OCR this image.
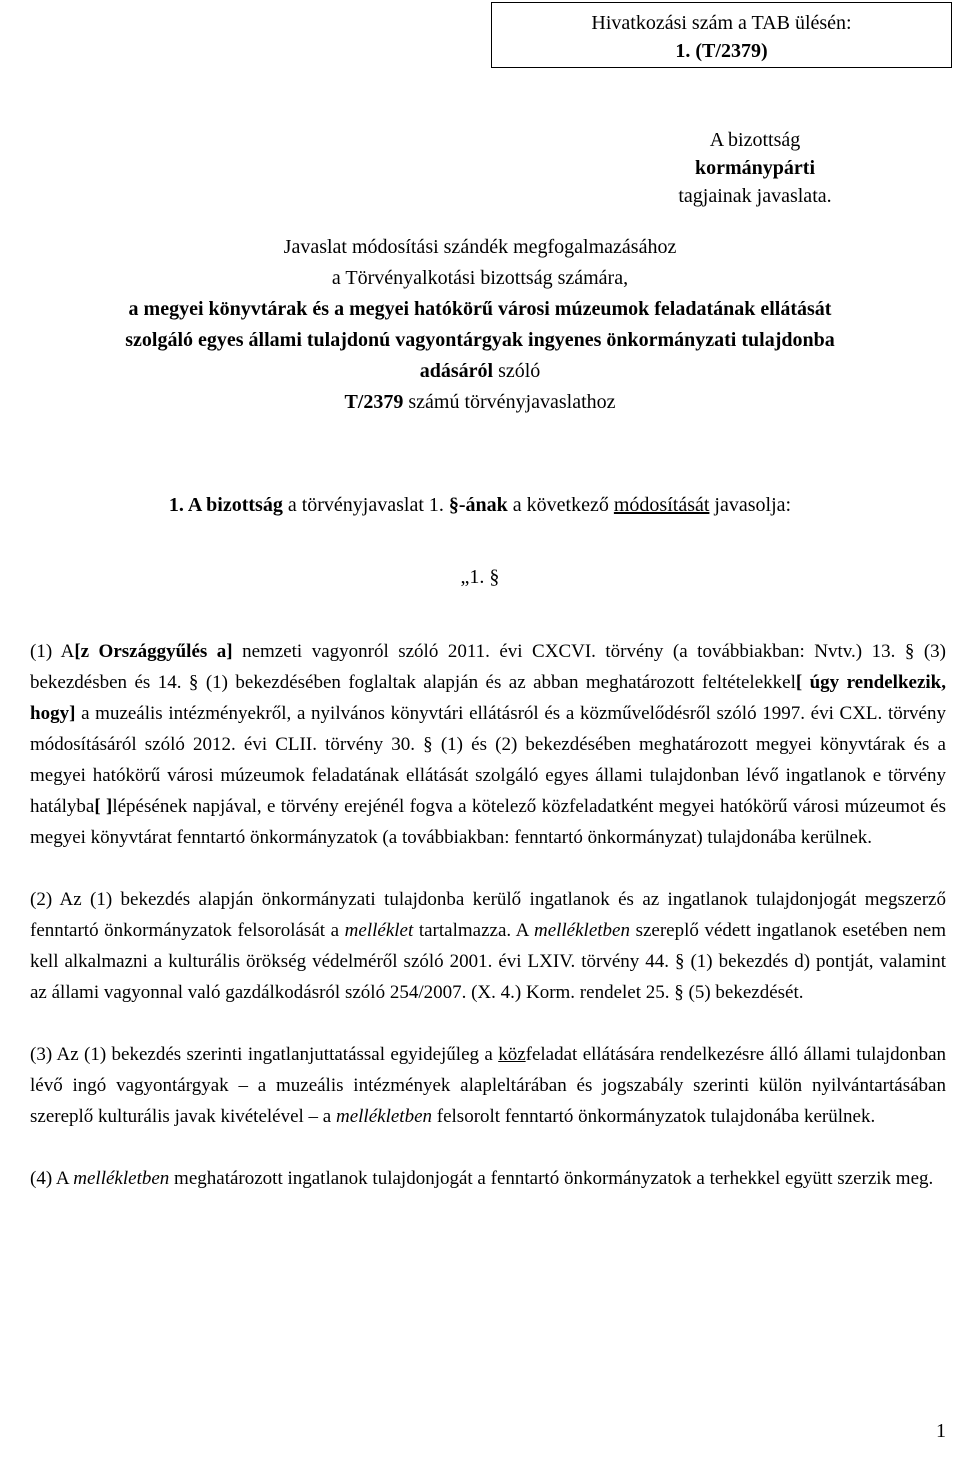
Hivatkozási szám a TAB ülésén:
1. (T/2379)
A bizottság
kormánypárti
tagjainak javaslata.
Javaslat módosítási szándék megfogalmazásához
a Törvényalkotási bizottság számára,
a megyei könyvtárak és a megyei hatókörű városi múzeumok feladatának ellátását
szolgáló egyes állami tulajdonú vagyontárgyak ingyenes önkormányzati tulajdonba
adásáról szóló
T/2379 számú törvényjavaslathoz
1. A bizottság a törvényjavaslat 1. §-ának a következő módosítását javasolja:
„1. §

(1) A[z Országgyűlés a] nemzeti vagyonról szóló 2011. évi CXCVI. törvény (a továbbiakban: Nvtv.) 13. § (3) bekezdésben és 14. § (1) bekezdésében foglaltak alapján és az abban meghatározott feltételekkel[ úgy rendelkezik, hogy] a muzeális intézményekről, a nyilvános könyvtári ellátásról és a közművelődésről szóló 1997. évi CXL. törvény módosításáról szóló 2012. évi CLII. törvény 30. § (1) és (2) bekezdésében meghatározott megyei könyvtárak és a megyei hatókörű városi múzeumok feladatának ellátását szolgáló egyes állami tulajdonban lévő ingatlanok e törvény hatályba[ ]lépésének napjával, e törvény erejénél fogva a kötelező közfeladatként megyei hatókörű városi múzeumot és megyei könyvtárat fenntartó önkormányzatok (a továbbiakban: fenntartó önkormányzat) tulajdonába kerülnek.

(2) Az (1) bekezdés alapján önkormányzati tulajdonba kerülő ingatlanok és az ingatlanok tulajdonjogát megszerző fenntartó önkormányzatok felsorolását a melléklet tartalmazza. A mellékletben szereplő védett ingatlanok esetében nem kell alkalmazni a kulturális örökség védelméről szóló 2001. évi LXIV. törvény 44. § (1) bekezdés d) pontját, valamint az állami vagyonnal való gazdálkodásról szóló 254/2007. (X. 4.) Korm. rendelet 25. § (5) bekezdését.

(3) Az (1) bekezdés szerinti ingatlanjuttatással egyidejűleg a közfeladat ellátására rendelkezésre álló állami tulajdonban lévő ingó vagyontárgyak – a muzeális intézmények alapleltárában és jogszabály szerinti külön nyilvántartásában szereplő kulturális javak kivételével – a mellékletben felsorolt fenntartó önkormányzatok tulajdonába kerülnek.

(4) A mellékletben meghatározott ingatlanok tulajdonjogát a fenntartó önkormányzatok a terhekkel együtt szerzik meg.

1
